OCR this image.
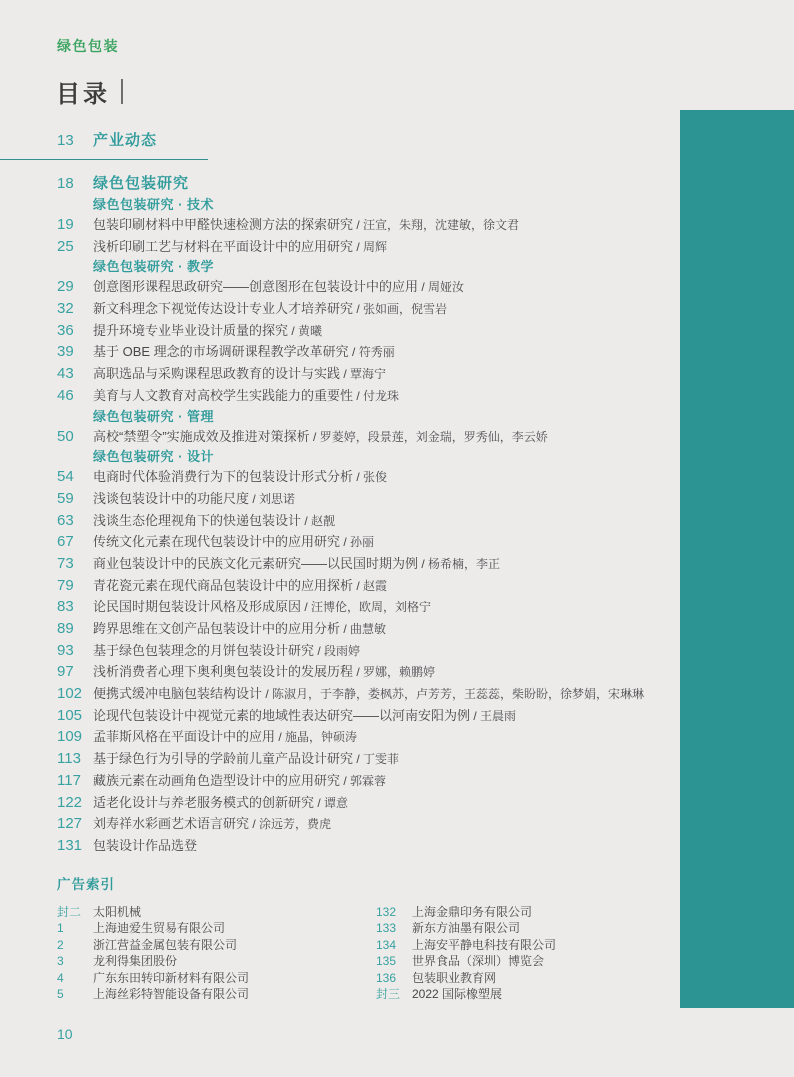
绿色包装
目录
13 产业动态
18 绿色包装研究
绿色包装研究 · 技术
19 包装印刷材料中甲醛快速检测方法的探索研究 / 汪宣，朱翔，沈建敏，徐文君
25 浅析印刷工艺与材料在平面设计中的应用研究 / 周辉
绿色包装研究 · 教学
29 创意图形课程思政研究——创意图形在包装设计中的应用 / 周娅汝
32 新文科理念下视觉传达设计专业人才培养研究 / 张如画，倪雪岩
36 提升环境专业毕业设计质量的探究 / 黄曦
39 基于 OBE 理念的市场调研课程教学改革研究 / 符秀丽
43 高职选品与采购课程思政教育的设计与实践 / 覃海宁
46 美育与人文教育对高校学生实践能力的重要性 / 付龙珠
绿色包装研究 · 管理
50 高校“禁塑令”实施成效及推进对策探析 / 罗菱婷，段景莲，刘金瑞，罗秀仙，李云娇
绿色包装研究 · 设计
54 电商时代体验消费行为下的包装设计形式分析 / 张俊
59 浅谈包装设计中的功能尺度 / 刘思诺
63 浅谈生态伦理视角下的快递包装设计 / 赵靓
67 传统文化元素在现代包装设计中的应用研究 / 孙丽
73 商业包装设计中的民族文化元素研究——以民国时期为例 / 杨希楠，李正
79 青花瓷元素在现代商品包装设计中的应用探析 / 赵霞
83 论民国时期包装设计风格及形成原因 / 汪博伦，欧周，刘格宁
89 跨界思维在文创产品包装设计中的应用分析 / 曲慧敏
93 基于绿色包装理念的月饼包装设计研究 / 段雨婷
97 浅析消费者心理下奥利奥包装设计的发展历程 / 罗娜，赖鹏婷
102 便携式缓冲电脑包装结构设计 / 陈淑月，于李静，娄枫苏，卢芳芳，王蕊蕊，柴盼盼，徐梦娟，宋琳琳
105 论现代包装设计中视觉元素的地域性表达研究——以河南安阳为例 / 王晨雨
109 孟菲斯风格在平面设计中的应用 / 施晶，钟硕涛
113 基于绿色行为引导的学龄前儿童产品设计研究 / 丁雯菲
117 藏族元素在动画角色造型设计中的应用研究 / 郭霖蓉
122 适老化设计与养老服务模式的创新研究 / 谭意
127 刘寿祥水彩画艺术语言研究 / 涂远芳，费虎
131 包装设计作品选登
广告索引
封二 太阳机械
1 上海迪爱生贸易有限公司
2 浙江营益金属包装有限公司
3 龙利得集团股份
4 广东东田转印新材料有限公司
5 上海丝彩特智能设备有限公司
132 上海金鼎印务有限公司
133 新东方油墨有限公司
134 上海安平静电科技有限公司
135 世界食品（深圳）博览会
136 包装职业教育网
封三 2022 国际橡塑展
10
